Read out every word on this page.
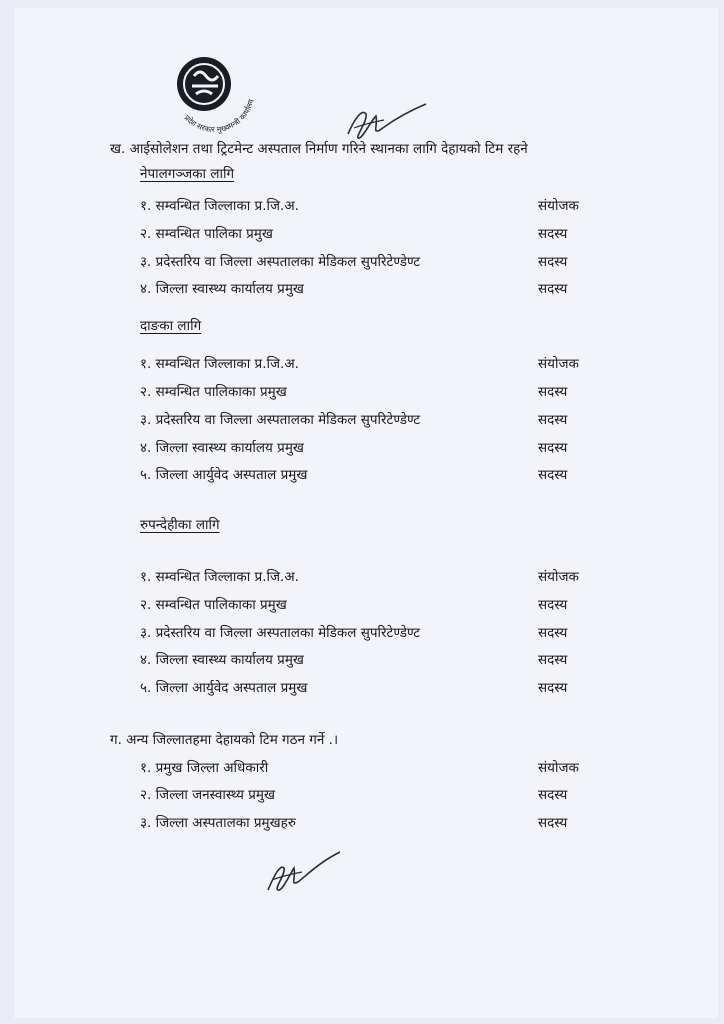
प्रदेश सरकार मुख्यमन्त्री कार्यालय
ख. आईसोलेशन तथा ट्रिटमेन्ट अस्पताल निर्माण गरिने स्थानका लागि देहायको टिम रहने
नेपालगञ्जका लागि
१. सम्वन्धित जिल्लाका प्र.जि.अ.	संयोजक
२. सम्वन्धित पालिका प्रमुख	सदस्य
३. प्रदेस्तरिय वा जिल्ला अस्पतालका मेडिकल सुपरिटेण्डेण्ट	सदस्य
४. जिल्ला स्वास्थ्य कार्यालय प्रमुख	सदस्य
दाङका लागि
१. सम्वन्धित जिल्लाका प्र.जि.अ.	संयोजक
२. सम्वन्धित पालिकाका प्रमुख	सदस्य
३. प्रदेस्तरिय वा जिल्ला अस्पतालका मेडिकल सुपरिटेण्डेण्ट	सदस्य
४. जिल्ला स्वास्थ्य कार्यालय प्रमुख	सदस्य
५. जिल्ला आर्युवेद अस्पताल प्रमुख	सदस्य
रुपन्देहीका लागि
१. सम्वन्धित जिल्लाका प्र.जि.अ.	संयोजक
२. सम्वन्धित पालिकाका प्रमुख	सदस्य
३. प्रदेस्तरिय वा जिल्ला अस्पतालका मेडिकल सुपरिटेण्डेण्ट	सदस्य
४. जिल्ला स्वास्थ्य कार्यालय प्रमुख	सदस्य
५. जिल्ला आर्युवेद अस्पताल प्रमुख	सदस्य
ग. अन्य जिल्लातहमा देहायको टिम गठन गर्ने .।
१. प्रमुख जिल्ला अधिकारी	संयोजक
२. जिल्ला जनस्वास्थ्य प्रमुख	सदस्य
३. जिल्ला अस्पतालका प्रमुखहरु	सदस्य
